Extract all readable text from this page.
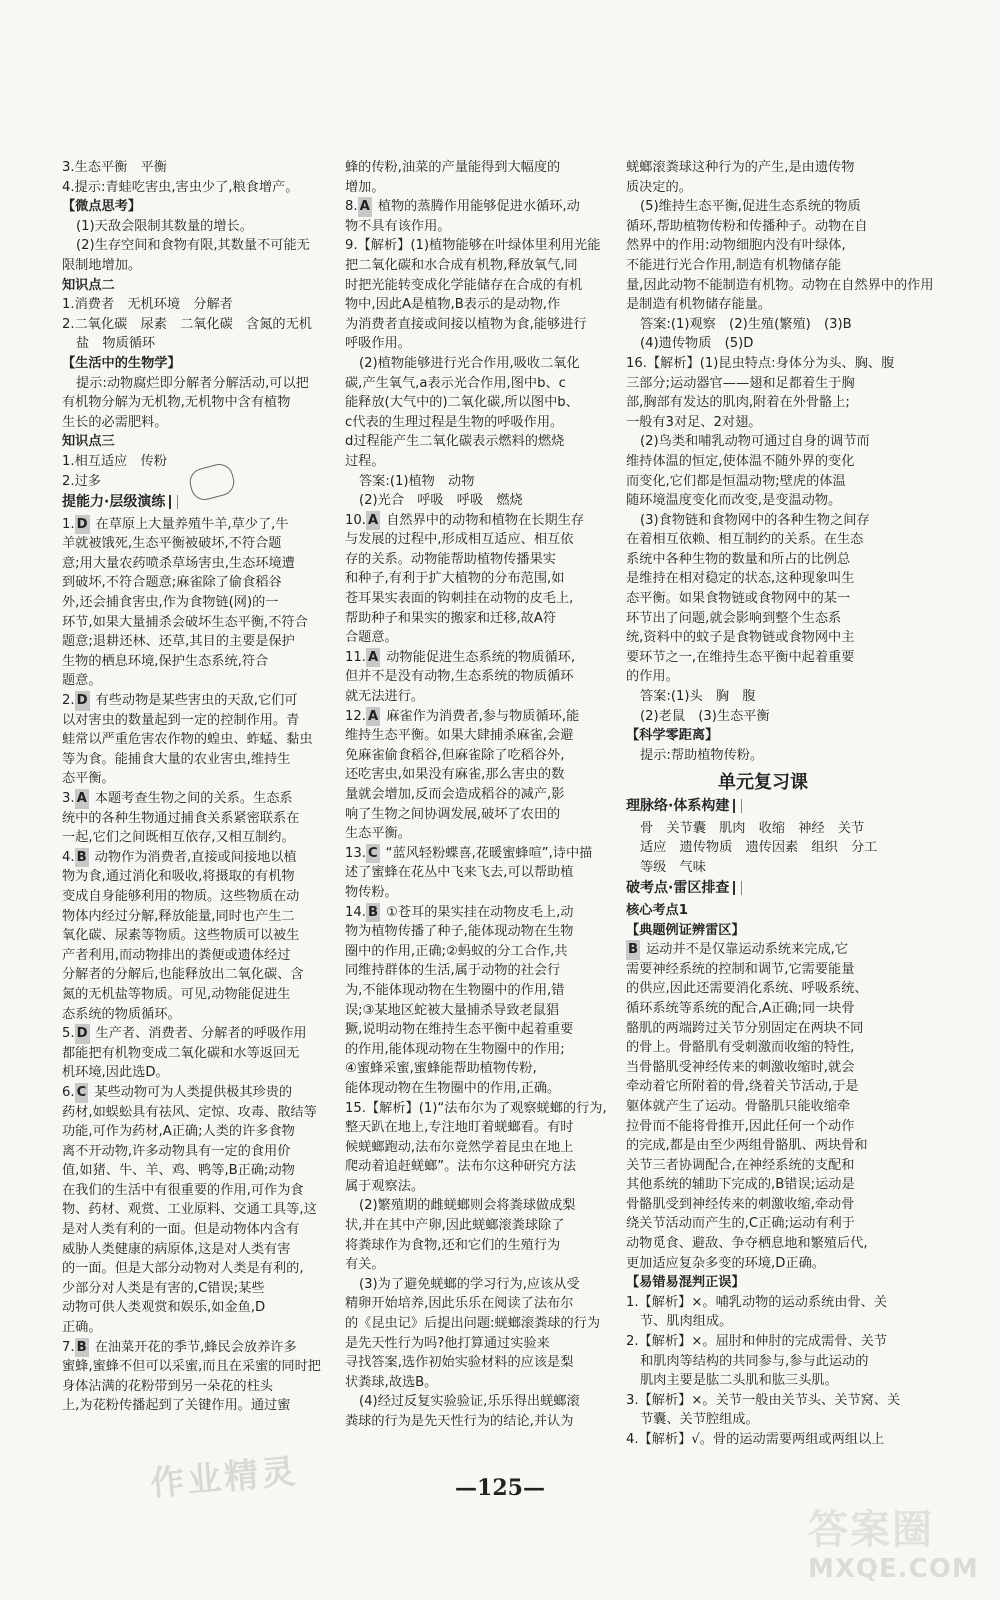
3.生态平衡　平衡
4.提示:青蛙吃害虫,害虫少了,粮食增产。
【微点思考】
(1)天敌会限制其数量的增长。
(2)生存空间和食物有限,其数量不可能无
限制地增加。
知识点二
1.消费者　无机环境　分解者
2.二氧化碳　尿素　二氧化碳　含氮的无机
盐　物质循环
【生活中的生物学】
提示:动物腐烂即分解者分解活动,可以把
有机物分解为无机物,无机物中含有植物
生长的必需肥料。
知识点三
1.相互适应　传粉
2.过多
提能力·层级演练
1. D 在草原上大量养殖牛羊,草少了,牛
羊就被饿死,生态平衡被破坏,不符合题
意;用大量农药喷杀草场害虫,生态环境遭
到破坏,不符合题意;麻雀除了偷食稻谷
外,还会捕食害虫,作为食物链(网)的一
环节,如果大量捕杀会破坏生态平衡,不符合
题意;退耕还林、还草,其目的主要是保护
生物的栖息环境,保护生态系统,符合
题意。
2. D 有些动物是某些害虫的天敌,它们可
以对害虫的数量起到一定的控制作用。青
蛙常以严重危害农作物的蝗虫、蚱蜢、黏虫
等为食。能捕食大量的农业害虫,维持生
态平衡。
3. A 本题考查生物之间的关系。生态系
统中的各种生物通过捕食关系紧密联系在
一起,它们之间既相互依存,又相互制约。
4. B 动物作为消费者,直接或间接地以植
物为食,通过消化和吸收,将摄取的有机物
变成自身能够利用的物质。这些物质在动
物体内经过分解,释放能量,同时也产生二
氧化碳、尿素等物质。这些物质可以被生
产者利用,而动物排出的粪便或遗体经过
分解者的分解后,也能释放出二氧化碳、含
氮的无机盐等物质。可见,动物能促进生
态系统的物质循环。
5. D 生产者、消费者、分解者的呼吸作用
都能把有机物变成二氧化碳和水等返回无
机环境,因此选D。
6. C 某些动物可为人类提供极其珍贵的
药材,如蜈蚣具有祛风、定惊、攻毒、散结等
功能,可作为药材,A正确;人类的许多食物
离不开动物,许多动物具有一定的食用价
值,如猪、牛、羊、鸡、鸭等,B正确;动物
在我们的生活中有很重要的作用,可作为食
物、药材、观赏、工业原料、交通工具等,这
是对人类有利的一面。但是动物体内含有
威胁人类健康的病原体,这是对人类有害
的一面。但是大部分动物对人类是有利的,
少部分对人类是有害的,C错误;某些
动物可供人类观赏和娱乐,如金鱼,D
正确。
7. B 在油菜开花的季节,蜂民会放养许多
蜜蜂,蜜蜂不但可以采蜜,而且在采蜜的同时把
身体沾满的花粉带到另一朵花的柱头
上,为花粉传播起到了关键作用。通过蜜
蜂的传粉,油菜的产量能得到大幅度的
增加。
8. A 植物的蒸腾作用能够促进水循环,动
物不具有该作用。
9.【解析】(1)植物能够在叶绿体里利用光能
把二氧化碳和水合成有机物,释放氧气,同
时把光能转变成化学能储存在合成的有机
物中,因此A是植物,B表示的是动物,作
为消费者直接或间接以植物为食,能够进行
呼吸作用。
(2)植物能够进行光合作用,吸收二氧化
碳,产生氧气,a表示光合作用,图中b、c
能释放(大气中的)二氧化碳,所以图中b、
c代表的生理过程是生物的呼吸作用。
d过程能产生二氧化碳表示燃料的燃烧
过程。
答案:(1)植物　动物
(2)光合　呼吸　呼吸　燃烧
10. A 自然界中的动物和植物在长期生存
与发展的过程中,形成相互适应、相互依
存的关系。动物能帮助植物传播果实
和种子,有利于扩大植物的分布范围,如
苍耳果实表面的钩刺挂在动物的皮毛上,
帮助种子和果实的搬家和迁移,故A符
合题意。
11. A 动物能促进生态系统的物质循环,
但并不是没有动物,生态系统的物质循环
就无法进行。
12. A 麻雀作为消费者,参与物质循环,能
维持生态平衡。如果大肆捕杀麻雀,会避
免麻雀偷食稻谷,但麻雀除了吃稻谷外,
还吃害虫,如果没有麻雀,那么害虫的数
量就会增加,反而会造成稻谷的减产,影
响了生物之间协调发展,破坏了农田的
生态平衡。
13. C “蓝风轻粉蝶喜,花暖蜜蜂喧”,诗中描
述了蜜蜂在花丛中飞来飞去,可以帮助植
物传粉。
14. B ①苍耳的果实挂在动物皮毛上,动
物为植物传播了种子,能体现动物在生物
圈中的作用,正确;②蚂蚁的分工合作,共
同维持群体的生活,属于动物的社会行
为,不能体现动物在生物圈中的作用,错
误;③某地区蛇被大量捕杀导致老鼠猖
獗,说明动物在维持生态平衡中起着重要
的作用,能体现动物在生物圈中的作用;
④蜜蜂采蜜,蜜蜂能帮助植物传粉,
能体现动物在生物圈中的作用,正确。
15.【解析】(1)“法布尔为了观察蜣螂的行为,
整天趴在地上,专注地盯着蜣螂看。有时
候蜣螂跑动,法布尔竟然学着昆虫在地上
爬动着追赶蜣螂”。法布尔这种研究方法
属于观察法。
(2)繁殖期的雌蜣螂则会将粪球做成梨
状,并在其中产卵,因此蜣螂滚粪球除了
将粪球作为食物,还和它们的生殖行为
有关。
(3)为了避免蜣螂的学习行为,应该从受
精卵开始培养,因此乐乐在阅读了法布尔
的《昆虫记》后提出问题:蜣螂滚粪球的行为
是先天性行为吗?他打算通过实验来
寻找答案,选作初始实验材料的应该是梨
状粪球,故选B。
(4)经过反复实验验证,乐乐得出蜣螂滚
粪球的行为是先天性行为的结论,并认为
蜣螂滚粪球这种行为的产生,是由遗传物
质决定的。
(5)维持生态平衡,促进生态系统的物质
循环,帮助植物传粉和传播种子。动物在自
然界中的作用:动物细胞内没有叶绿体,
不能进行光合作用,制造有机物储存能
量,因此动物不能制造有机物。动物在自然界中的作用
是制造有机物储存能量。
答案:(1)观察　(2)生殖(繁殖)　(3)B
(4)遗传物质　(5)D
16.【解析】(1)昆虫特点:身体分为头、胸、腹
三部分;运动器官——翅和足都着生于胸
部,胸部有发达的肌肉,附着在外骨骼上;
一般有3对足、2对翅。
(2)鸟类和哺乳动物可通过自身的调节而
维持体温的恒定,使体温不随外界的变化
而变化,它们都是恒温动物;壁虎的体温
随环境温度变化而改变,是变温动物。
(3)食物链和食物网中的各种生物之间存
在着相互依赖、相互制约的关系。在生态
系统中各种生物的数量和所占的比例总
是维持在相对稳定的状态,这种现象叫生
态平衡。如果食物链或食物网中的某一
环节出了问题,就会影响到整个生态系
统,资料中的蚊子是食物链或食物网中主
要环节之一,在维持生态平衡中起着重要
的作用。
答案:(1)头　胸　腹
(2)老鼠　(3)生态平衡
【科学零距离】
提示:帮助植物传粉。
单元复习课
理脉络·体系构建
骨　关节囊　肌肉　收缩　神经　关节
适应　遗传物质　遗传因素　组织　分工
等级　气味
破考点·雷区排查
核心考点1
【典题例证辨雷区】
B 运动并不是仅靠运动系统来完成,它
需要神经系统的控制和调节,它需要能量
的供应,因此还需要消化系统、呼吸系统、
循环系统等系统的配合,A正确;同一块骨
骼肌的两端跨过关节分别固定在两块不同
的骨上。骨骼肌有受刺激而收缩的特性,
当骨骼肌受神经传来的刺激收缩时,就会
牵动着它所附着的骨,绕着关节活动,于是
躯体就产生了运动。骨骼肌只能收缩牵
拉骨而不能将骨推开,因此任何一个动作
的完成,都是由至少两组骨骼肌、两块骨和
关节三者协调配合,在神经系统的支配和
其他系统的辅助下完成的,B错误;运动是
骨骼肌受到神经传来的刺激收缩,牵动骨
绕关节活动而产生的,C正确;运动有利于
动物觅食、避敌、争夺栖息地和繁殖后代,
更加适应复杂多变的环境,D正确。
【易错易混判正误】
1.【解析】×。哺乳动物的运动系统由骨、关
节、肌肉组成。
2.【解析】×。屈肘和伸肘的完成需骨、关节
和肌肉等结构的共同参与,参与此运动的
肌肉主要是肱二头肌和肱三头肌。
3.【解析】×。关节一般由关节头、关节窝、关
节囊、关节腔组成。
4.【解析】√。骨的运动需要两组或两组以上
—125—
作业精灵
答案圈
MXQE.COM
